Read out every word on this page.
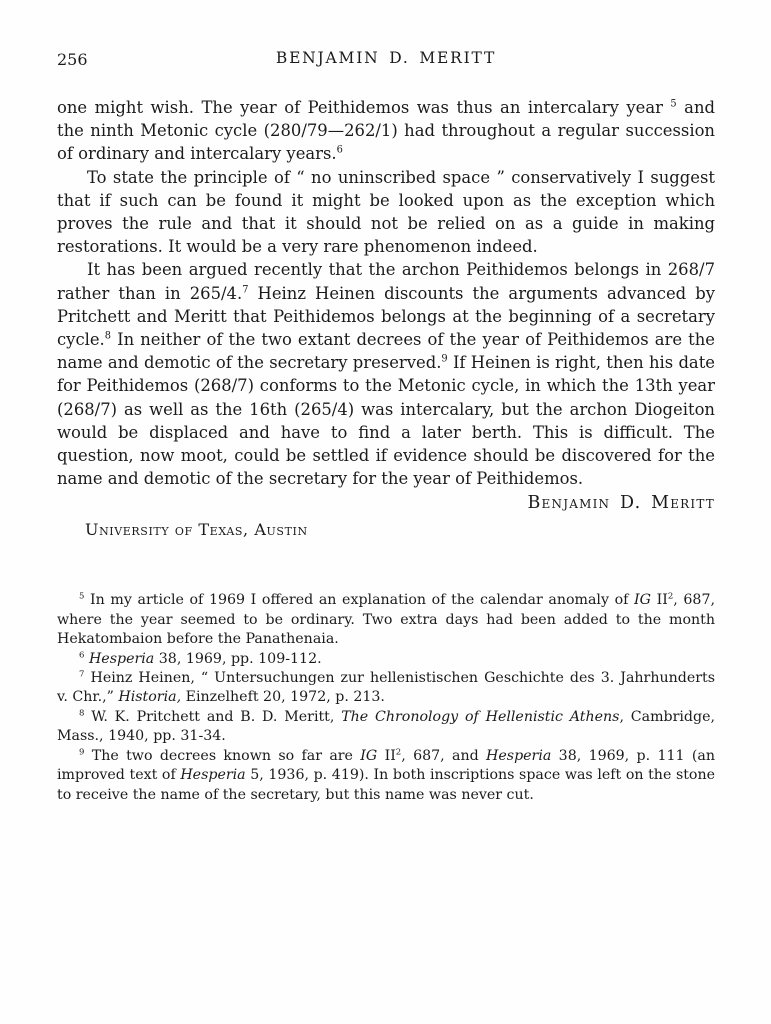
256	BENJAMIN D. MERITT

one might wish. The year of Peithidemos was thus an intercalary year $^5$ and the ninth Metonic cycle (280/79—262/1) had throughout a regular succession of ordinary and intercalary years.$^6$

To state the principle of “ no uninscribed space ” conservatively I suggest that if such can be found it might be looked upon as the exception which proves the rule and that it should not be relied on as a guide in making restorations. It would be a very rare phenomenon indeed.

It has been argued recently that the archon Peithidemos belongs in 268/7 rather than in 265/4.$^7$ Heinz Heinen discounts the arguments advanced by Pritchett and Meritt that Peithidemos belongs at the beginning of a secretary cycle.$^8$ In neither of the two extant decrees of the year of Peithidemos are the name and demotic of the secretary preserved.$^9$ If Heinen is right, then his date for Peithidemos (268/7) conforms to the Metonic cycle, in which the 13th year (268/7) as well as the 16th (265/4) was intercalary, but the archon Diogeiton would be displaced and have to find a later berth. This is difficult. The question, now moot, could be settled if evidence should be discovered for the name and demotic of the secretary for the year of Peithidemos.

Benjamin D. Meritt
University of Texas, Austin

$^5$ In my article of 1969 I offered an explanation of the calendar anomaly of IG II$^2$, 687, where the year seemed to be ordinary. Two extra days had been added to the month Hekatombaion before the Panathenaia.

$^6$ Hesperia 38, 1969, pp. 109-112.

$^7$ Heinz Heinen, “ Untersuchungen zur hellenistischen Geschichte des 3. Jahrhunderts v. Chr.,” Historia, Einzelheft 20, 1972, p. 213.

$^8$ W. K. Pritchett and B. D. Meritt, The Chronology of Hellenistic Athens, Cambridge, Mass., 1940, pp. 31-34.

$^9$ The two decrees known so far are IG II$^2$, 687, and Hesperia 38, 1969, p. 111 (an improved text of Hesperia 5, 1936, p. 419). In both inscriptions space was left on the stone to receive the name of the secretary, but this name was never cut.
